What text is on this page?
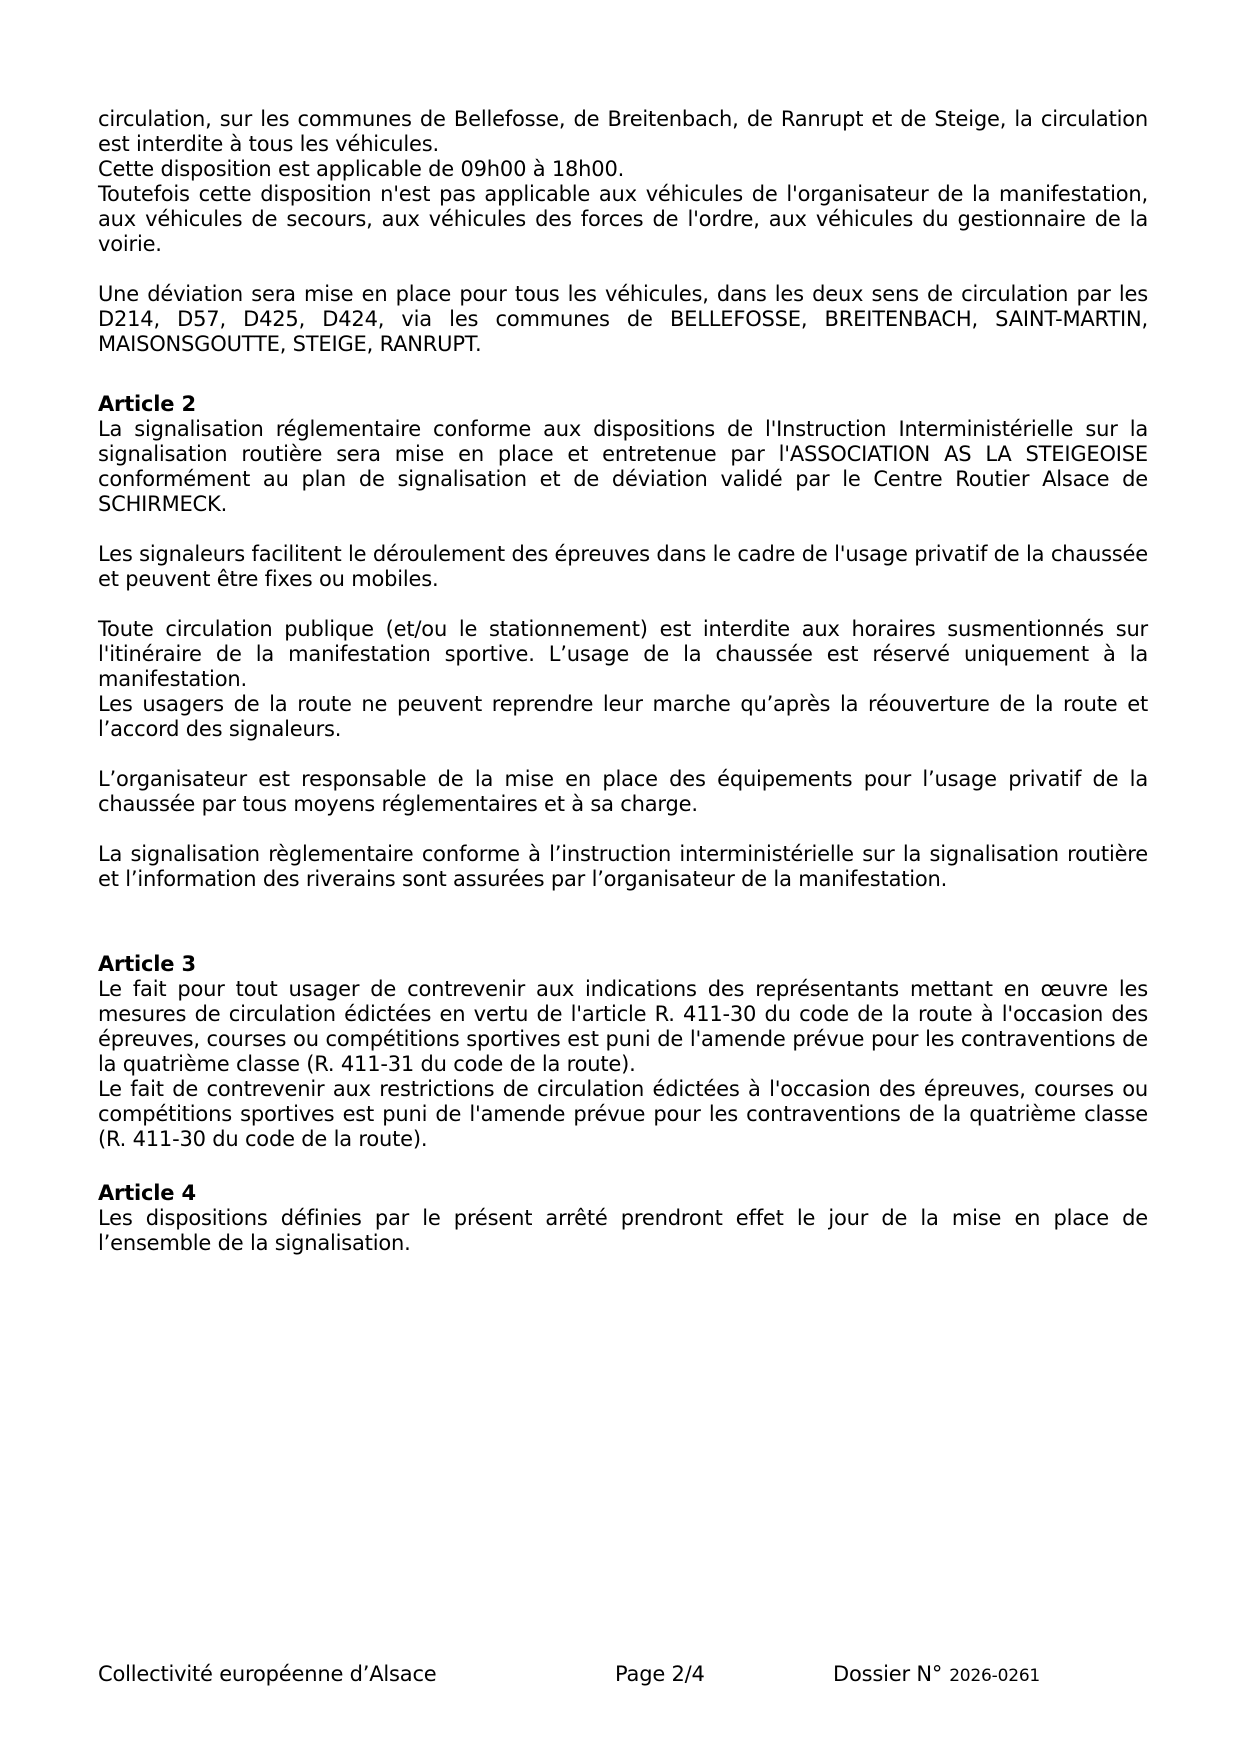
circulation, sur les communes de Bellefosse, de Breitenbach, de Ranrupt et de Steige, la circulation est interdite à tous les véhicules.

Cette disposition est applicable de 09h00 à 18h00.

Toutefois cette disposition n'est pas applicable aux véhicules de l'organisateur de la manifestation, aux véhicules de secours, aux véhicules des forces de l'ordre, aux véhicules du gestionnaire de la voirie.

Une déviation sera mise en place pour tous les véhicules, dans les deux sens de circulation par les D214, D57, D425, D424, via les communes de BELLEFOSSE, BREITENBACH, SAINT-MARTIN, MAISONSGOUTTE, STEIGE, RANRUPT.

Article 2

La signalisation réglementaire conforme aux dispositions de l'Instruction Interministérielle sur la signalisation routière sera mise en place et entretenue par l'ASSOCIATION AS LA STEIGEOISE conformément au plan de signalisation et de déviation validé par le Centre Routier Alsace de SCHIRMECK.

Les signaleurs facilitent le déroulement des épreuves dans le cadre de l'usage privatif de la chaussée et peuvent être fixes ou mobiles.

Toute circulation publique (et/ou le stationnement) est interdite aux horaires susmentionnés sur l'itinéraire de la manifestation sportive. L’usage de la chaussée est réservé uniquement à la manifestation.

Les usagers de la route ne peuvent reprendre leur marche qu’après la réouverture de la route et l’accord des signaleurs.

L’organisateur est responsable de la mise en place des équipements pour l’usage privatif de la chaussée par tous moyens réglementaires et à sa charge.

La signalisation règlementaire conforme à l’instruction interministérielle sur la signalisation routière et l’information des riverains sont assurées par l’organisateur de la manifestation.

Article 3

Le fait pour tout usager de contrevenir aux indications des représentants mettant en œuvre les mesures de circulation édictées en vertu de l'article R. 411-30 du code de la route à l'occasion des épreuves, courses ou compétitions sportives est puni de l'amende prévue pour les contraventions de la quatrième classe (R. 411-31 du code de la route).

Le fait de contrevenir aux restrictions de circulation édictées à l'occasion des épreuves, courses ou compétitions sportives est puni de l'amende prévue pour les contraventions de la quatrième classe (R. 411-30 du code de la route).

Article 4

Les dispositions définies par le présent arrêté prendront effet le jour de la mise en place de l’ensemble de la signalisation.

Collectivité européenne d’Alsace	Page 2/4	Dossier N° 2026-0261
